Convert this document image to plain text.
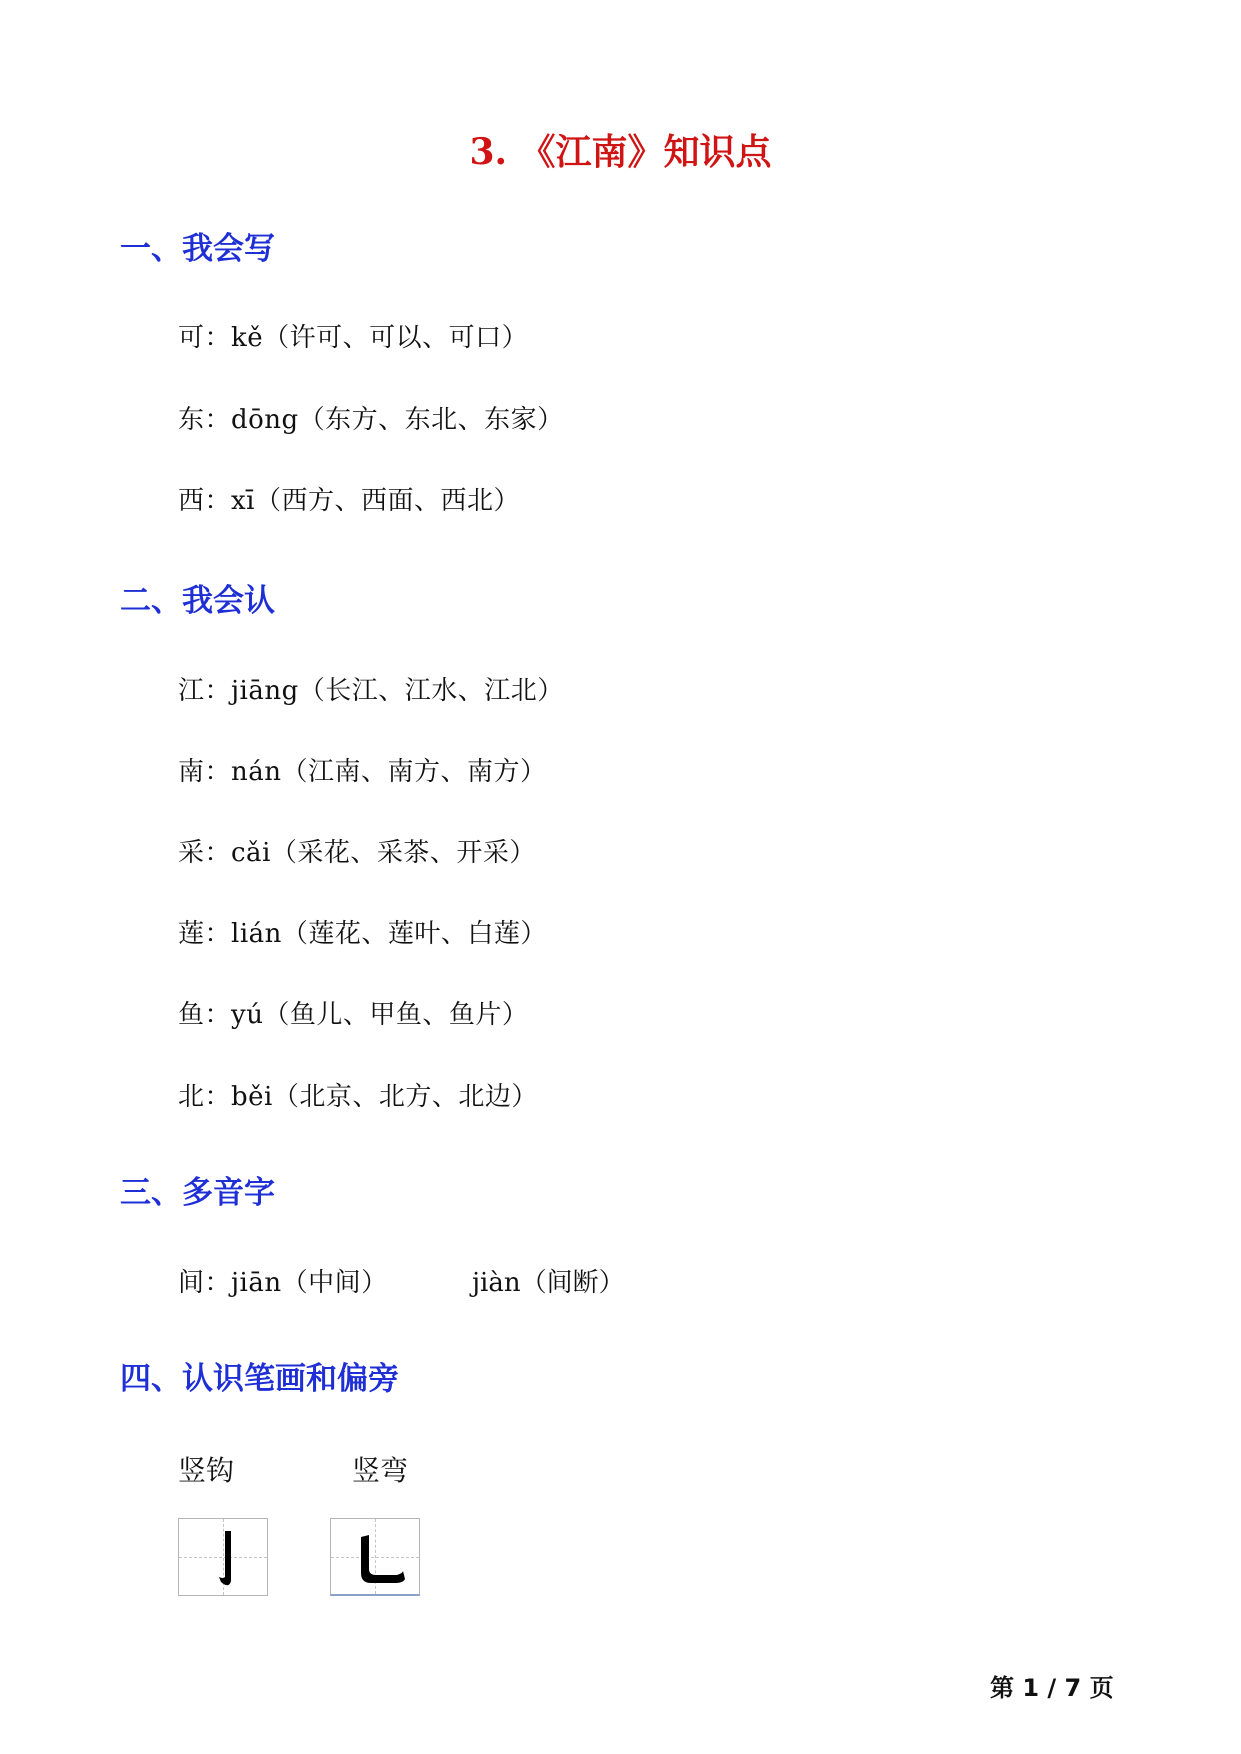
3. 《江南》知识点
一、我会写
可：kě（许可、可以、可口）
东：dōng（东方、东北、东家）
西：xī（西方、西面、西北）
二、我会认
江：jiāng（长江、江水、江北）
南：nán（江南、南方、南方）
采：cǎi（采花、采茶、开采）
莲：lián（莲花、莲叶、白莲）
鱼：yú（鱼儿、甲鱼、鱼片）
北：běi（北京、北方、北边）
三、多音字
间：jiān（中间）	jiàn（间断）
四、认识笔画和偏旁
竖钩	竖弯
第 1 / 7 页
